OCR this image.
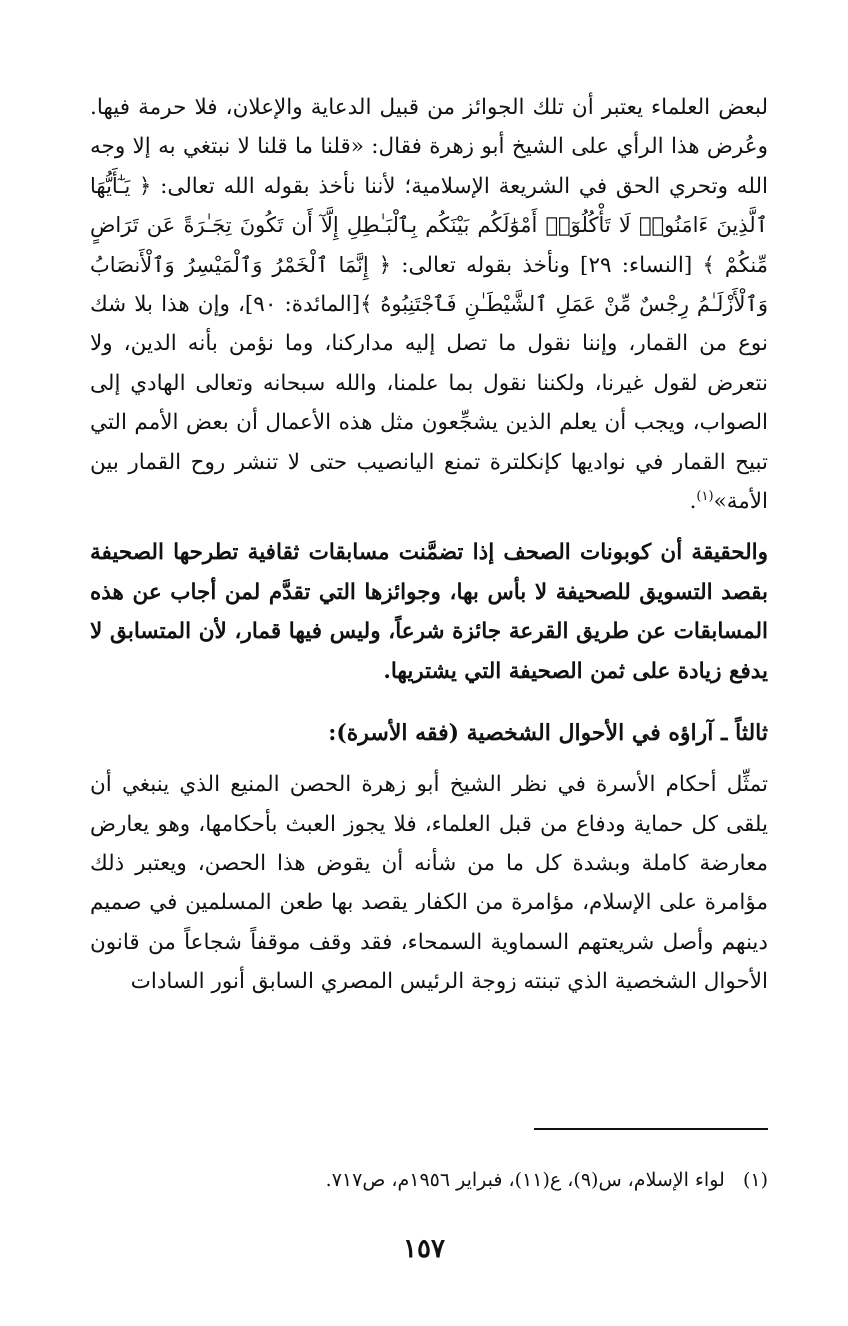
لبعض العلماء يعتبر أن تلك الجوائز من قبيل الدعاية والإعلان، فلا حرمة فيها. وعُرض هذا الرأي على الشيخ أبو زهرة فقال: «قلنا ما قلنا لا نبتغي به إلا وجه الله وتحري الحق في الشريعة الإسلامية؛ لأننا نأخذ بقوله الله تعالى: ﴿ يَـٰٓأَيُّهَا ٱلَّذِينَ ءَامَنُوا۟ لَا تَأْكُلُوٓا۟ أَمْوَٰلَكُم بَيْنَكُم بِٱلْبَـٰطِلِ إِلَّآ أَن تَكُونَ تِجَـٰرَةً عَن تَرَاضٍ مِّنكُمْ ﴾ [النساء: ٢٩] ونأخذ بقوله تعالى: ﴿ إِنَّمَا ٱلْخَمْرُ وَٱلْمَيْسِرُ وَٱلْأَنصَابُ وَٱلْأَزْلَـٰمُ رِجْسٌ مِّنْ عَمَلِ ٱلشَّيْطَـٰنِ فَٱجْتَنِبُوهُ ﴾[المائدة: ٩٠]، وإن هذا بلا شك نوع من القمار، وإننا نقول ما تصل إليه مداركنا، وما نؤمن بأنه الدين، ولا نتعرض لقول غيرنا، ولكننا نقول بما علمنا، والله سبحانه وتعالى الهادي إلى الصواب، ويجب أن يعلم الذين يشجِّعون مثل هذه الأعمال أن بعض الأمم التي تبيح القمار في نواديها كإنكلترة تمنع اليانصيب حتى لا تنشر روح القمار بين الأمة»$^{(١)}$.

والحقيقة أن كوبونات الصحف إذا تضمَّنت مسابقات ثقافية تطرحها الصحيفة بقصد التسويق للصحيفة لا بأس بها، وجوائزها التي تقدَّم لمن أجاب عن هذه المسابقات عن طريق القرعة جائزة شرعاً، وليس فيها قمار، لأن المتسابق لا يدفع زيادة على ثمن الصحيفة التي يشتريها.

ثالثاً ـ آراؤه في الأحوال الشخصية (فقه الأسرة):

تمثِّل أحكام الأسرة في نظر الشيخ أبو زهرة الحصن المنيع الذي ينبغي أن يلقى كل حماية ودفاع من قبل العلماء، فلا يجوز العبث بأحكامها، وهو يعارض معارضة كاملة وبشدة كل ما من شأنه أن يقوض هذا الحصن، ويعتبر ذلك مؤامرة على الإسلام، مؤامرة من الكفار يقصد بها طعن المسلمين في صميم دينهم وأصل شريعتهم السماوية السمحاء، فقد وقف موقفاً شجاعاً من قانون الأحوال الشخصية الذي تبنته زوجة الرئيس المصري السابق أنور السادات

(١)   لواء الإسلام، س(٩)، ع(١١)، فبراير ١٩٥٦م، ص٧١٧.
١٥٧
